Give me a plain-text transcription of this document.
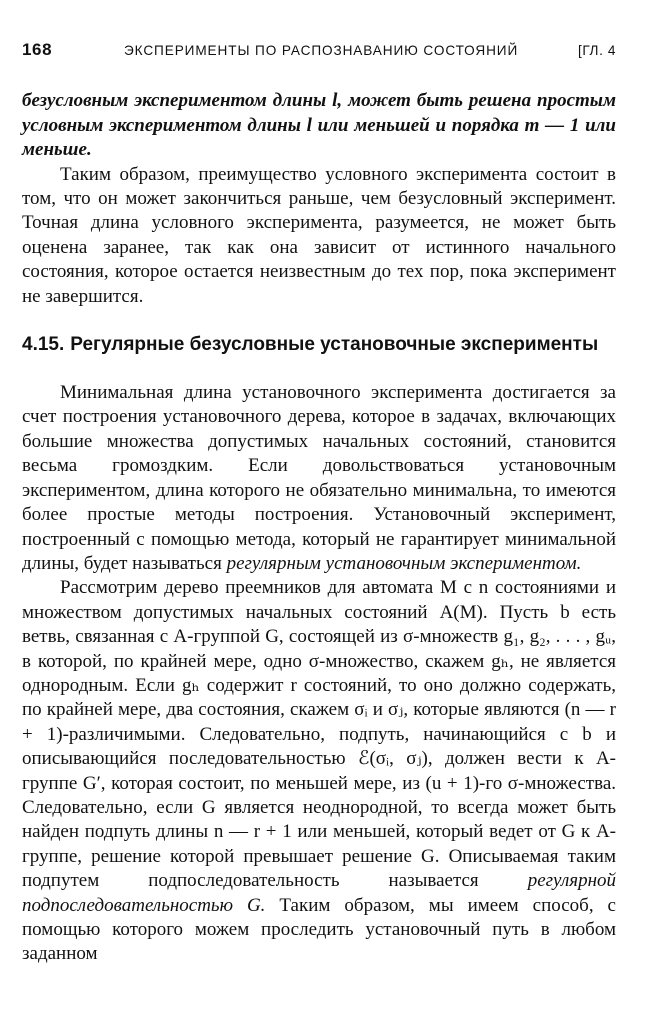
168	ЭКСПЕРИМЕНТЫ ПО РАСПОЗНАВАНИЮ СОСТОЯНИЙ	[ГЛ. 4

безусловным экспериментом длины l, может быть решена простым условным экспериментом длины l или меньшей и порядка m — 1 или меньше.

Таким образом, преимущество условного эксперимента состоит в том, что он может закончиться раньше, чем безусловный эксперимент. Точная длина условного эксперимента, разумеется, не может быть оценена заранее, так как она зависит от истинного начального состояния, которое остается неизвестным до тех пор, пока эксперимент не завершится.

4.15. Регулярные безусловные установочные эксперименты

Минимальная длина установочного эксперимента достигается за счет построения установочного дерева, которое в задачах, включающих большие множества допустимых начальных состояний, становится весьма громоздким. Если довольствоваться установочным экспериментом, длина которого не обязательно минимальна, то имеются более простые методы построения. Установочный эксперимент, построенный с помощью метода, который не гарантирует минимальной длины, будет называться регулярным установочным экспериментом.

Рассмотрим дерево преемников для автомата M с n состояниями и множеством допустимых начальных состояний A(M). Пусть b есть ветвь, связанная с A-группой G, состоящей из σ-множеств g₁, g₂, . . . , gᵤ, в которой, по крайней мере, одно σ-множество, скажем gₕ, не является однородным. Если gₕ содержит r состояний, то оно должно содержать, по крайней мере, два состояния, скажем σᵢ и σⱼ, которые являются (n — r + 1)-различимыми. Следовательно, подпуть, начинающийся с b и описывающийся последовательностью ℰ(σᵢ, σⱼ), должен вести к A-группе G′, которая состоит, по меньшей мере, из (u + 1)-го σ-множества. Следовательно, если G является неоднородной, то всегда может быть найден подпуть длины n — r + 1 или меньшей, который ведет от G к A-группе, решение которой превышает решение G. Описываемая таким подпутем подпоследовательность называется регулярной подпоследовательностью G. Таким образом, мы имеем способ, с помощью которого можем проследить установочный путь в любом заданном
